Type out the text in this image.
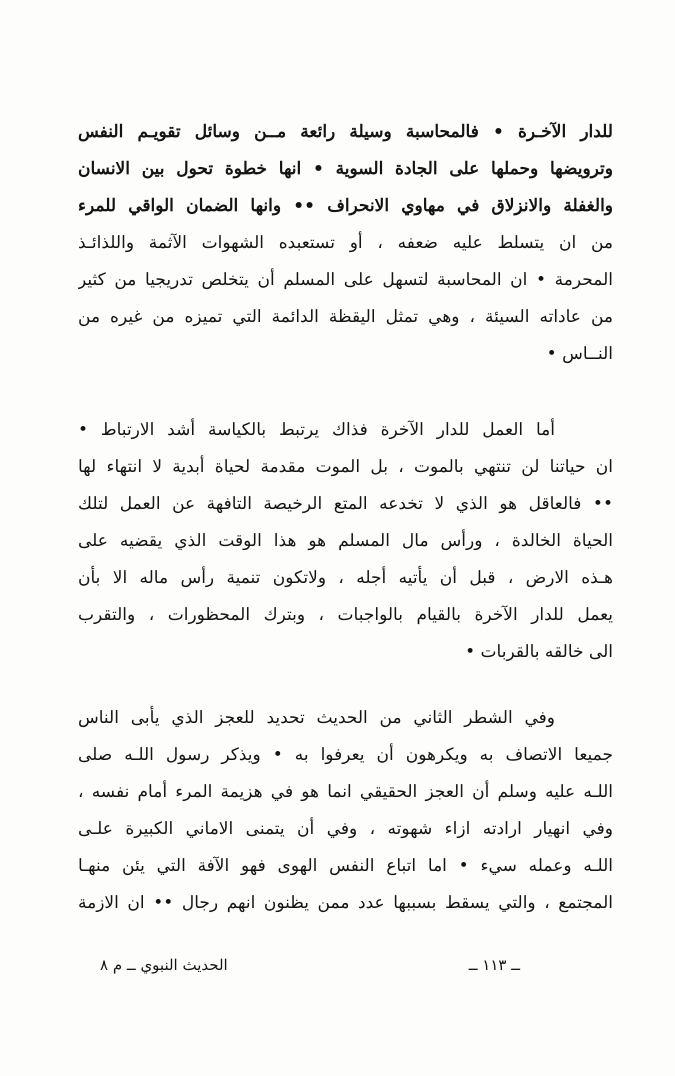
للدار الآخـرة • فالمحاسبة وسيلة رائعة مــن وسائل تقويـم النفس
وترويضها وحملها على الجادة السوية • انها خطوة تحول بين الانسان
والغفلة والانزلاق في مهاوي الانحراف •• وانها الضمان الواقي للمرء
من ان يتسلط عليه ضعفه ، أو تستعبده الشهوات الآثمة واللذائـذ
المحرمة • ان المحاسبة لتسهل على المسلم أن يتخلص تدريجيا من كثير
من عاداته السيئة ، وهي تمثل اليقظة الدائمة التي تميزه من غيره من
النــاس •
أما العمل للدار الآخرة فذاك يرتبط بالكياسة أشد الارتباط •
ان حياتنا لن تنتهي بالموت ، بل الموت مقدمة لحياة أبدية لا انتهاء لها
•• فالعاقل هو الذي لا تخدعه المتع الرخيصة التافهة عن العمل لتلك
الحياة الخالدة ، ورأس مال المسلم هو هذا الوقت الذي يقضيه على
هـذه الارض ، قبل أن يأتيه أجله ، ولاتكون تنمية رأس ماله الا بأن
يعمل للدار الآخرة بالقيام بالواجبات ، وبترك المحظورات ، والتقرب
الى خالقه بالقربات •
وفي الشطر الثاني من الحديث تحديد للعجز الذي يأبى الناس
جميعا الاتصاف به ويكرهون أن يعرفوا به • ويذكر رسول اللـه صلى
اللـه عليه وسلم أن العجز الحقيقي انما هو في هزيمة المرء أمام نفسه ،
وفي انهيار ارادته ازاء شهوته ، وفي أن يتمنى الاماني الكبيرة علـى
اللـه وعمله سيء • اما اتباع النفس الهوى فهو الآفة التي يئن منهـا
المجتمع ، والتي يسقط بسببها عدد ممن يظنون انهم رجال •• ان الازمة
ــ ١١٣ ــ
الحديث النبوي ــ م ٨
